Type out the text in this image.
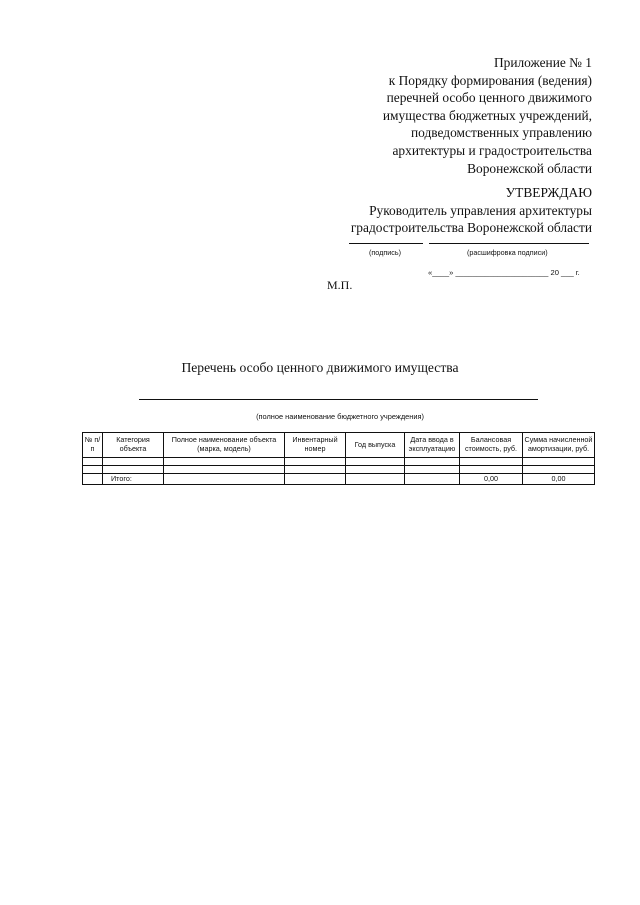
Приложение № 1
к Порядку формирования (ведения)
перечней особо ценного движимого
имущества бюджетных учреждений,
подведомственных управлению
архитектуры и градостроительства
Воронежской области
УТВЕРЖДАЮ
Руководитель управления архитектуры
градостроительства Воронежской области
(подпись)	(расшифровка подписи)
«____» ______________________ 20 ___ г.
М.П.
Перечень особо ценного движимого имущества
(полное наименование бюджетного учреждения)
№ п/п	Категория объекта	Полное наименование объекта (марка, модель)	Инвентарный номер	Год выпуска	Дата ввода в эксплуатацию	Балансовая стоимость, руб.	Сумма начисленной амортизации, руб.

	Итого:					0,00	0,00
